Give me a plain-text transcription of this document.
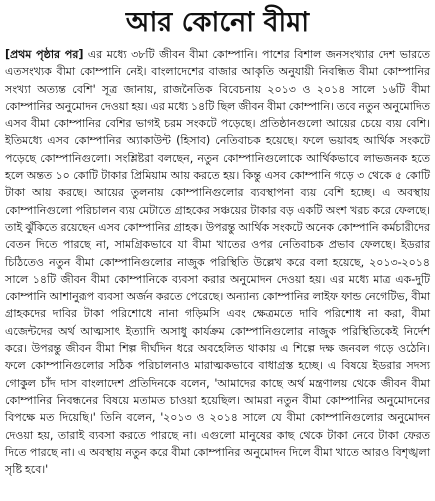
আর কোনো বীমা

[প্রথম পৃষ্ঠার পর] এর মধ্যে ৩৮টি জীবন বীমা কোম্পানি। পাশের বিশাল জনসংখ্যার দেশ ভারতে এতসংখ্যক বীমা কোম্পানি নেই। বাংলাদেশের বাজার আকৃতি অনুযায়ী নিবন্ধিত বীমা কোম্পানির সংখ্যা অত্যন্ত বেশি' সূত্র জানায়, রাজনৈতিক বিবেচনায় ২০১৩ ও ২০১৪ সালে ১৬টি বীমা কোম্পানির অনুমোদন দেওয়া হয়। এর মধ্যে ১৪টি ছিল জীবন বীমা কোম্পানি। তবে নতুন অনুমোদিত এসব বীমা কোম্পানির বেশির ভাগই চরম সংকটে পড়েছে। প্রতিষ্ঠানগুলো আয়ের চেয়ে ব্যয় বেশি। ইতিমধ্যে এসব কোম্পানির অ্যাকাউন্ট (হিসাব) নেতিবাচক হয়েছে। ফলে ভয়াবহ আর্থিক সংকটে পড়েছে কোম্পানিগুলো। সংশ্লিষ্টরা বলছেন, নতুন কোম্পানিগুলোকে আর্থিকভাবে লাভজনক হতে হলে অন্তত ১০ কোটি টাকার প্রিমিয়াম আয় করতে হয়। কিন্তু এসব কোম্পানি গড়ে ৩ থেকে ৫ কোটি টাকা আয় করছে। আয়ের তুলনায় কোম্পানিগুলোর ব্যবস্থাপনা ব্যয় বেশি হচ্ছে। এ অবস্থায় কোম্পানিগুলো পরিচালন ব্যয় মেটাতে গ্রাহকের সঞ্চয়ের টাকার বড় একটি অংশ খরচ করে ফেলছে। তাই ঝুঁকিতে রয়েছেন এসব কোম্পানির গ্রাহক। উপরন্তু আর্থিক সংকটে অনেক কোম্পানি কর্মচারীদের বেতন দিতে পারছে না, সামগ্রিকভাবে যা বীমা খাতের ওপর নেতিবাচক প্রভাব ফেলছে। ইডরার চিঠিতেও নতুন বীমা কোম্পানিগুলোর নাজুক পরিস্থিতি উল্লেখ করে বলা হয়েছে, ২০১৩-২০১৪ সালে ১৪টি জীবন বীমা কোম্পানিকে ব্যবসা করার অনুমোদন দেওয়া হয়। এর মধ্যে মাত্র এক-দুটি কোম্পানি আশানুরূপ ব্যবসা অর্জন করতে পেরেছে। অন্যান্য কোম্পানির লাইফ ফান্ড নেগেটিভ, বীমা গ্রাহকদের দাবির টাকা পরিশোধে নানা গড়িমসি এবং ক্ষেত্রমতে দাবি পরিশোধ না করা, বীমা এজেন্টদের অর্থ আত্মসাৎ ইত্যাদি অসাধু কার্যক্রম কোম্পানিগুলোর নাজুক পরিস্থিতিকেই নির্দেশ করে। উপরন্তু জীবন বীমা শিল্প দীর্ঘদিন ধরে অবহেলিত থাকায় এ শিল্পে দক্ষ জনবল গড়ে ওঠেনি। ফলে কোম্পানিগুলোর সঠিক পরিচালনাও মারাত্মকভাবে বাধাগ্রস্ত হচ্ছে। এ বিষয়ে ইডরার সদস্য গোকুল চাঁদ দাস বাংলাদেশ প্রতিদিনকে বলেন, 'আমাদের কাছে অর্থ মন্ত্রণালয় থেকে জীবন বীমা কোম্পানির নিবন্ধনের বিষয়ে মতামত চাওয়া হয়েছিল। আমরা নতুন বীমা কোম্পানির অনুমোদনের বিপক্ষে মত দিয়েছি।' তিনি বলেন, '২০১৩ ও ২০১৪ সালে যে বীমা কোম্পানিগুলোর অনুমোদন দেওয়া হয়, তারাই ব্যবসা করতে পারছে না। এগুলো মানুষের কাছ থেকে টাকা নেবে টাকা ফেরত দিতে পারছে না। এ অবস্থায় নতুন করে বীমা কোম্পানির অনুমোদন দিলে বীমা খাতে আরও বিশৃঙ্খলা সৃষ্টি হবে।'
